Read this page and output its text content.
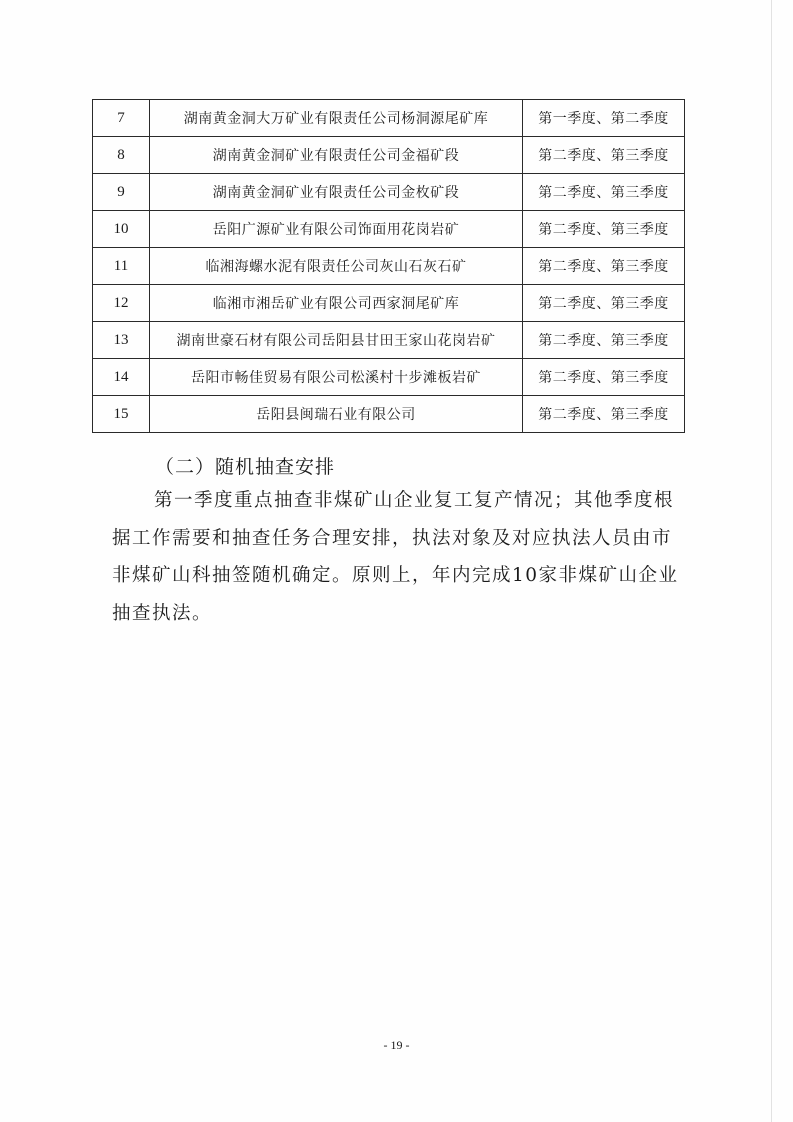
7	湖南黄金洞大万矿业有限责任公司杨洞源尾矿库	第一季度、第二季度
8	湖南黄金洞矿业有限责任公司金福矿段	第二季度、第三季度
9	湖南黄金洞矿业有限责任公司金枚矿段	第二季度、第三季度
10	岳阳广源矿业有限公司饰面用花岗岩矿	第二季度、第三季度
11	临湘海螺水泥有限责任公司灰山石灰石矿	第二季度、第三季度
12	临湘市湘岳矿业有限公司西家洞尾矿库	第二季度、第三季度
13	湖南世豪石材有限公司岳阳县甘田王家山花岗岩矿	第二季度、第三季度
14	岳阳市畅佳贸易有限公司松溪村十步滩板岩矿	第二季度、第三季度
15	岳阳县闽瑞石业有限公司	第二季度、第三季度
（二）随机抽查安排

第一季度重点抽查非煤矿山企业复工复产情况；其他季度根据工作需要和抽查任务合理安排，执法对象及对应执法人员由市非煤矿山科抽签随机确定。原则上，年内完成10家非煤矿山企业抽查执法。

- 19 -
